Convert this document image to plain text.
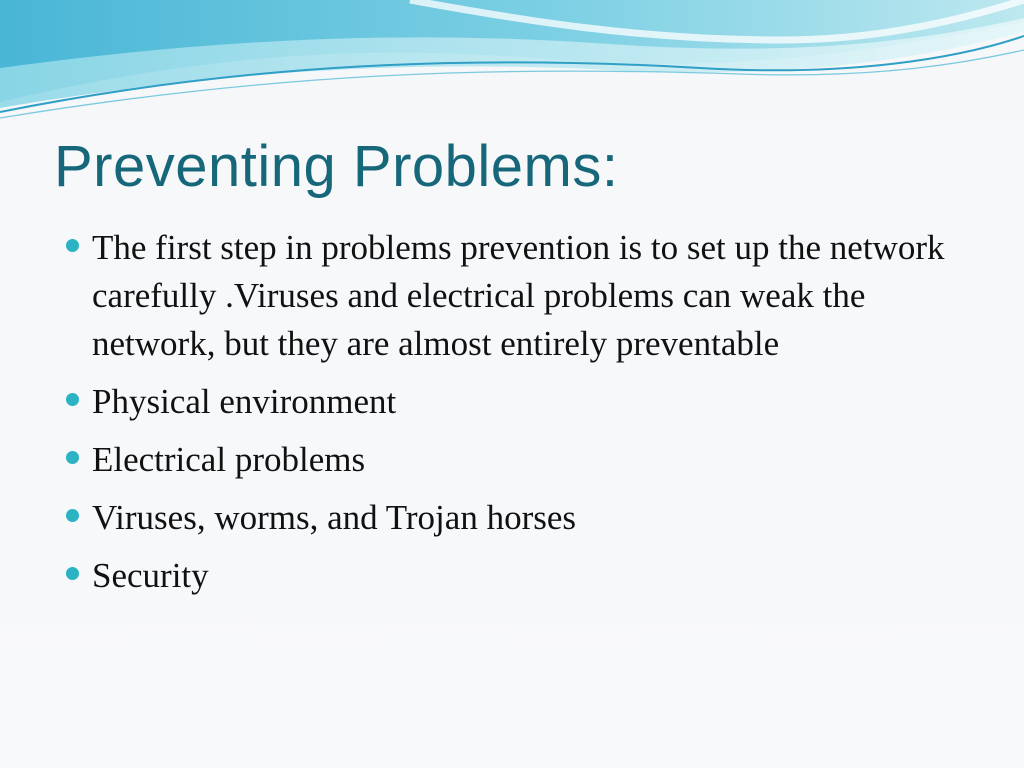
Preventing Problems:
The first step in problems prevention is to set up the network carefully .Viruses and electrical problems can weak the network, but they are almost entirely preventable
Physical environment
Electrical problems
Viruses, worms, and Trojan horses
Security
